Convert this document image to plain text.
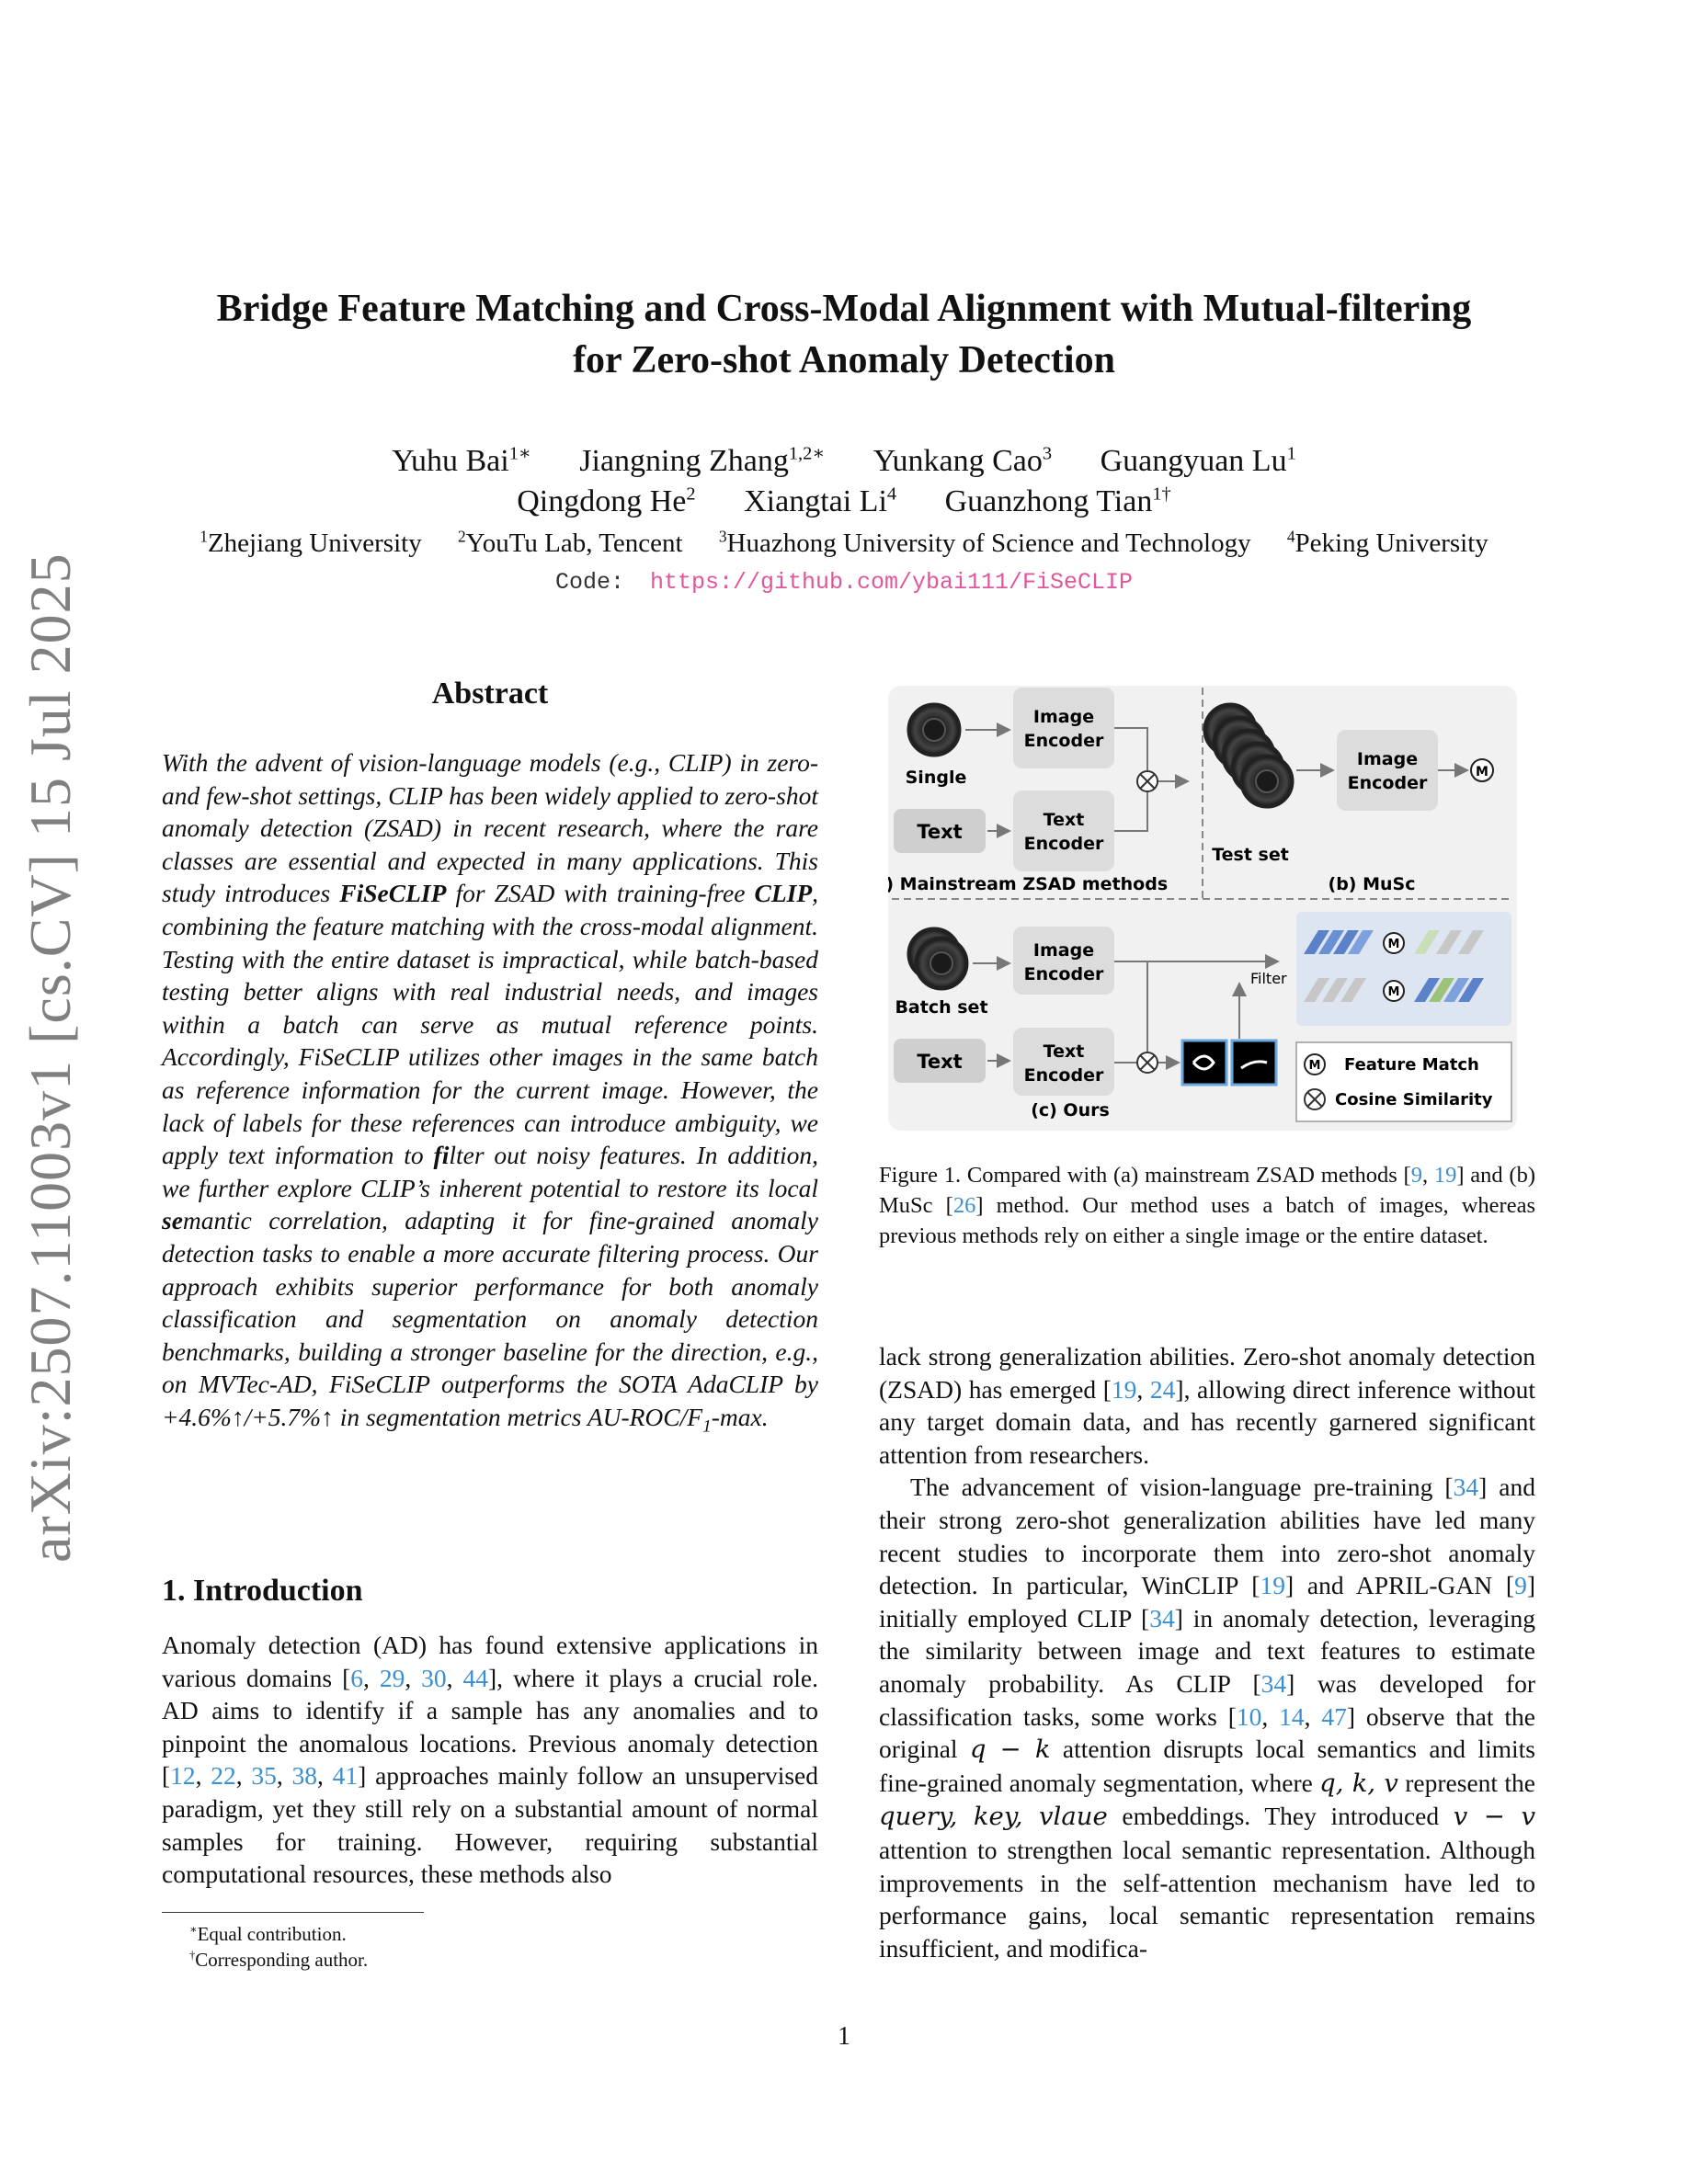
Bridge Feature Matching and Cross-Modal Alignment with Mutual-filtering
for Zero-shot Anomaly Detection
Yuhu Bai$^{1∗}$ Jiangning Zhang$^{1,2∗}$ Yunkang Cao$^3$ Guangyuan Lu$^1$
Qingdong He$^2$ Xiangtai Li$^4$ Guanzhong Tian$^{1\dagger}$
$^1$Zhejiang University $^2$YouTu Lab, Tencent $^3$Huazhong University of Science and Technology $^4$Peking University
Code: https://github.com/ybai111/FiSeCLIP
arXiv:2507.11003v1 [cs.CV] 15 Jul 2025	Abstract

With the advent of vision-language models (e.g., CLIP) in zero- and few-shot settings, CLIP has been widely applied to zero-shot anomaly detection (ZSAD) in recent research, where the rare classes are essential and expected in many applications. This study introduces FiSeCLIP for ZSAD with training-free CLIP, combining the feature matching with the cross-modal alignment. Testing with the entire dataset is impractical, while batch-based testing better aligns with real industrial needs, and images within a batch can serve as mutual reference points. Accordingly, FiSeCLIP utilizes other images in the same batch as reference information for the current image. However, the lack of labels for these references can introduce ambiguity, we apply text information to filter out noisy features. In addition, we further explore CLIP’s inherent potential to restore its local semantic correlation, adapting it for fine-grained anomaly detection tasks to enable a more accurate filtering process. Our approach exhibits superior performance for both anomaly classification and segmentation on anomaly detection benchmarks, building a stronger baseline for the direction, e.g., on MVTec-AD, FiSeCLIP outperforms the SOTA AdaCLIP by +4.6%↑/+5.7%↑ in segmentation metrics $AU-ROC/F_1-\max$.

1. Introduction

Anomaly detection (AD) has found extensive applications in various domains [6, 29, 30, 44], where it plays a crucial role. AD aims to identify if a sample has any anomalies and to pinpoint the anomalous locations. Previous anomaly detection [12, 22, 35, 38, 41] approaches mainly follow an unsupervised paradigm, yet they still rely on a substantial amount of normal samples for training. However, requiring substantial computational resources, these methods also

∗Equal contribution.
†Corresponding author.
Single
Image
Encoder
Text
Text
Encoder
(a) Mainstream ZSAD methods
Test set
Image
Encoder
M
(b) MuSc
Batch set
Image
Encoder
Text	Text
Encoder
Filter
M
M
M Feature Match
Cosine Similarity
(c) Ours
Figure 1. Compared with (a) mainstream ZSAD methods [9, 19] and (b) MuSc [26] method. Our method uses a batch of images, whereas previous methods rely on either a single image or the entire dataset.

lack strong generalization abilities. Zero-shot anomaly detection (ZSAD) has emerged [19, 24], allowing direct inference without any target domain data, and has recently garnered significant attention from researchers.

The advancement of vision-language pre-training [34] and their strong zero-shot generalization abilities have led many recent studies to incorporate them into zero-shot anomaly detection. In particular, WinCLIP [19] and APRIL-GAN [9] initially employed CLIP [34] in anomaly detection, leveraging the similarity between image and text features to estimate anomaly probability. As CLIP [34] was developed for classification tasks, some works [10, 14, 47] observe that the original q − k attention disrupts local semantics and limits fine-grained anomaly segmentation, where q, k, v represent the query, key, vlaue embeddings. They introduced v − v attention to strengthen local semantic representation. Although improvements in the self-attention mechanism have led to performance gains, local semantic representation remains insufficient, and modifica-

1
